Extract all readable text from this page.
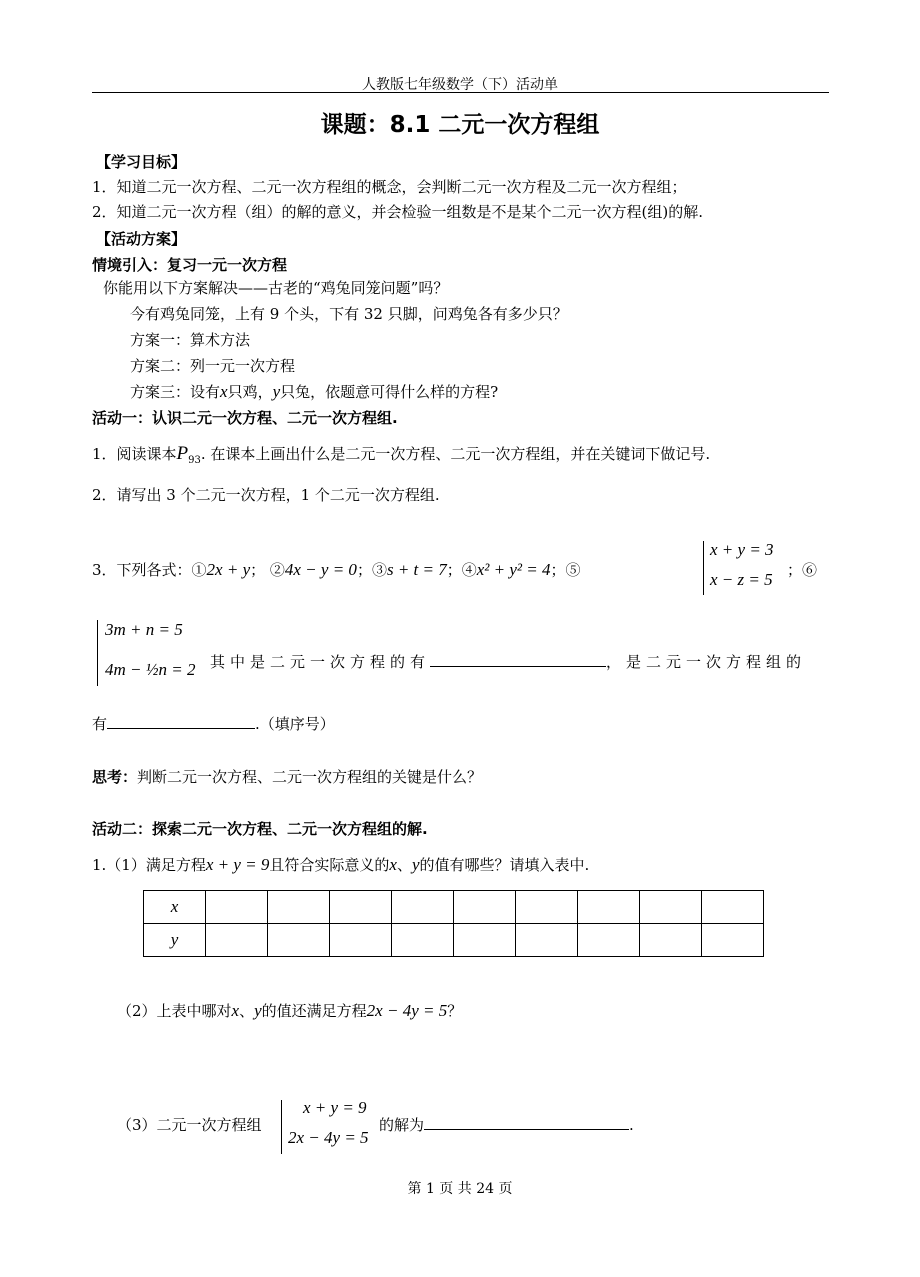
人教版七年级数学（下）活动单
课题：8.1 二元一次方程组
【学习目标】
1．知道二元一次方程、二元一次方程组的概念，会判断二元一次方程及二元一次方程组；
2．知道二元一次方程（组）的解的意义，并会检验一组数是不是某个二元一次方程(组)的解.
【活动方案】
情境引入：复习一元一次方程
你能用以下方案解决——古老的“鸡兔同笼问题”吗？
今有鸡兔同笼，上有 9 个头，下有 32 只脚，问鸡兔各有多少只？
方案一：算术方法
方案二：列一元一次方程
方案三：设有x只鸡，y只兔，依题意可得什么样的方程?
活动一：认识二元一次方程、二元一次方程组.
1．阅读课本$P_{93}$. 在课本上画出什么是二元一次方程、二元一次方程组，并在关键词下做记号.
2．请写出 3 个二元一次方程，1 个二元一次方程组.
3．下列各式：①2x + y； ②4x − y = 0；③s + t = 7；④x² + y² = 4；⑤
x + y = 3
x − z = 5 ；⑥
3m + n = 5
4m − ½n = 2 其中是二元一次方程的有	，是二元一次方程组的
有	.（填序号）
思考：判断二元一次方程、二元一次方程组的关键是什么？
活动二：探索二元一次方程、二元一次方程组的解.
1.（1）满足方程x + y = 9且符合实际意义的x、y的值有哪些？请填入表中.
x									
y									
（2）上表中哪对x、y的值还满足方程2x − 4y = 5？
（3）二元一次方程组
x + y = 9
2x − 4y = 5
的解为	.
第 1 页 共 24 页
